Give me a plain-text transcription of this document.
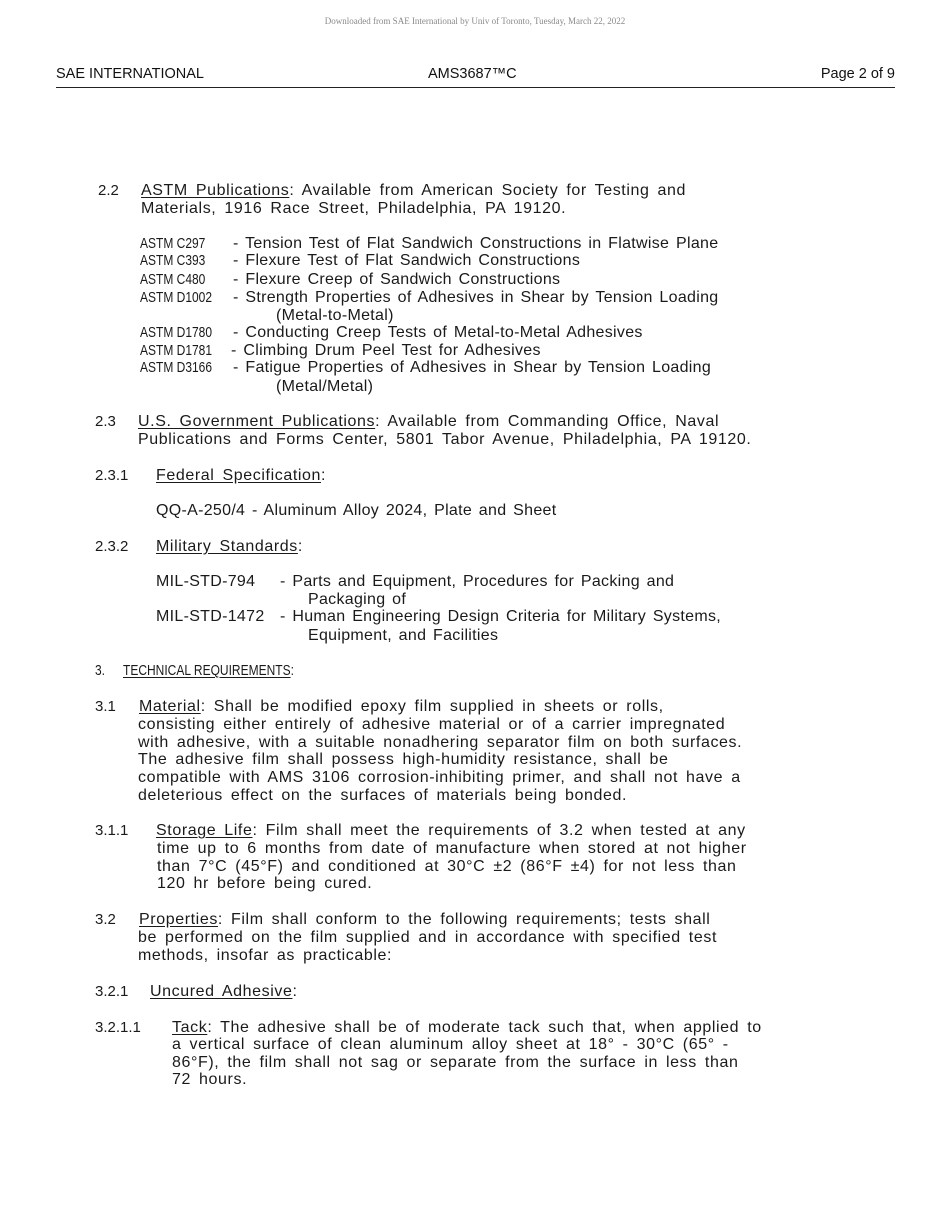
Downloaded from SAE International by Univ of Toronto, Tuesday, March 22, 2022
SAE INTERNATIONAL	AMS3687™C	Page 2 of 9
2.2 ASTM Publications: Available from American Society for Testing and
Materials, 1916 Race Street, Philadelphia, PA 19120.
ASTM C297 - Tension Test of Flat Sandwich Constructions in Flatwise Plane
ASTM C393 - Flexure Test of Flat Sandwich Constructions
ASTM C480 - Flexure Creep of Sandwich Constructions
ASTM D1002 - Strength Properties of Adhesives in Shear by Tension Loading
(Metal-to-Metal)
ASTM D1780 - Conducting Creep Tests of Metal-to-Metal Adhesives
ASTM D1781 - Climbing Drum Peel Test for Adhesives
ASTM D3166 - Fatigue Properties of Adhesives in Shear by Tension Loading
(Metal/Metal)
2.3 U.S. Government Publications: Available from Commanding Office, Naval
Publications and Forms Center, 5801 Tabor Avenue, Philadelphia, PA 19120.
2.3.1 Federal Specification:
QQ-A-250/4 - Aluminum Alloy 2024, Plate and Sheet
2.3.2 Military Standards:
MIL-STD-794 - Parts and Equipment, Procedures for Packing and
Packaging of
MIL-STD-1472 - Human Engineering Design Criteria for Military Systems,
Equipment, and Facilities
3. TECHNICAL REQUIREMENTS:
3.1 Material: Shall be modified epoxy film supplied in sheets or rolls,
consisting either entirely of adhesive material or of a carrier impregnated
with adhesive, with a suitable nonadhering separator film on both surfaces.
The adhesive film shall possess high-humidity resistance, shall be
compatible with AMS 3106 corrosion-inhibiting primer, and shall not have a
deleterious effect on the surfaces of materials being bonded.
3.1.1 Storage Life: Film shall meet the requirements of 3.2 when tested at any
time up to 6 months from date of manufacture when stored at not higher
than 7°C (45°F) and conditioned at 30°C ±2 (86°F ±4) for not less than
120 hr before being cured.
3.2 Properties: Film shall conform to the following requirements; tests shall
be performed on the film supplied and in accordance with specified test
methods, insofar as practicable:
3.2.1 Uncured Adhesive:
3.2.1.1 Tack: The adhesive shall be of moderate tack such that, when applied to
a vertical surface of clean aluminum alloy sheet at 18° - 30°C (65° -
86°F), the film shall not sag or separate from the surface in less than
72 hours.
